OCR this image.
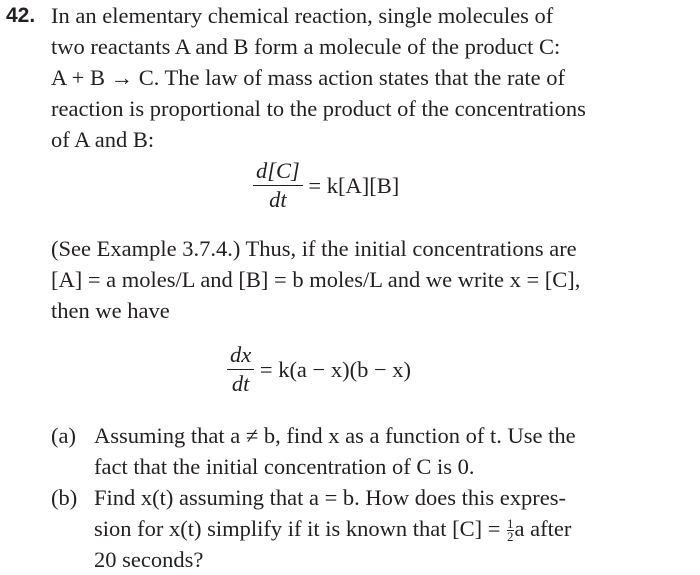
42. In an elementary chemical reaction, single molecules of
two reactants A and B form a molecule of the product C:
A + B → C. The law of mass action states that the rate of
reaction is proportional to the product of the concentrations
of A and B:
$\frac{d[C]}{dt} = k[A][B]$
(See Example 3.7.4.) Thus, if the initial concentrations are
[A] = a moles/L and [B] = b moles/L and we write x = [C],
then we have
$\frac{dx}{dt} = k(a - x)(b - x)$
(a) Assuming that a ≠ b, find x as a function of t. Use the
fact that the initial concentration of C is 0.
(b) Find x(t) assuming that a = b. How does this expres-
sion for x(t) simplify if it is known that $[C] = \frac{1}{2}$ a after
20 seconds?
